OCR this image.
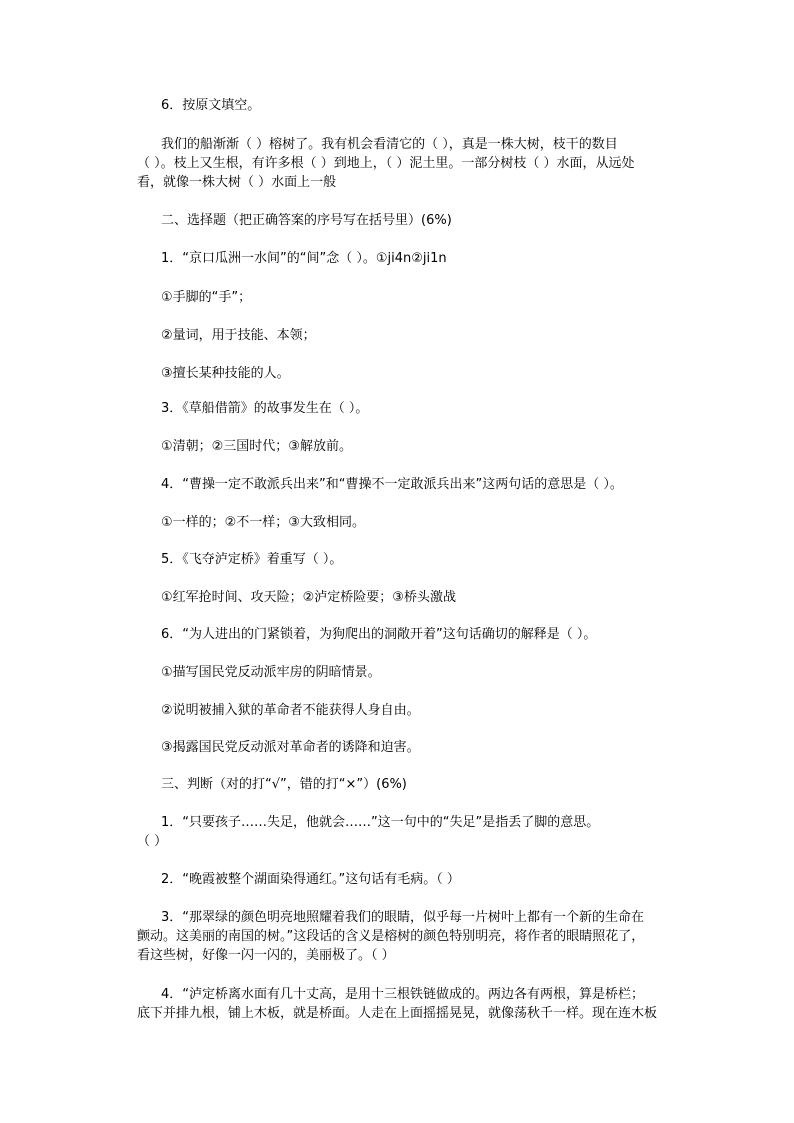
6．按原文填空。

我们的船渐渐（ ）榕树了。我有机会看清它的（ ），真是一株大树，枝干的数目

（ ）。枝上又生根，有许多根（ ）到地上，（ ）泥土里。一部分树枝（ ）水面，从远处

看，就像一株大树（ ）水面上一般

二、选择题（把正确答案的序号写在括号里）(6%)

1．“京口瓜洲一水间”的“间”念（ ）。①ji4n②ji1n

①手脚的“手”；

②量词，用于技能、本领；

③擅长某种技能的人。

3．《草船借箭》的故事发生在（ ）。

①清朝；②三国时代；③解放前。

4．“曹操一定不敢派兵出来”和“曹操不一定敢派兵出来”这两句话的意思是（ ）。

①一样的；②不一样；③大致相同。

5．《飞夺泸定桥》着重写（ ）。

①红军抢时间、攻天险；②泸定桥险要；③桥头激战

6．“为人进出的门紧锁着，为狗爬出的洞敞开着”这句话确切的解释是（ ）。

①描写国民党反动派牢房的阴暗情景。

②说明被捕入狱的革命者不能获得人身自由。

③揭露国民党反动派对革命者的诱降和迫害。

三、判断（对的打“√”，错的打“×”）(6%)

1．“只要孩子……失足，他就会……”这一句中的“失足”是指丢了脚的意思。

（ ）

2．“晚霞被整个湖面染得通红。”这句话有毛病。（ ）

3．“那翠绿的颜色明亮地照耀着我们的眼睛，似乎每一片树叶上都有一个新的生命在

颤动。这美丽的南国的树。”这段话的含义是榕树的颜色特别明亮，将作者的眼睛照花了，

看这些树，好像一闪一闪的，美丽极了。（ ）

4．“泸定桥离水面有几十丈高，是用十三根铁链做成的。两边各有两根，算是桥栏；

底下并排九根，铺上木板，就是桥面。人走在上面摇摇晃晃，就像荡秋千一样。现在连木板
